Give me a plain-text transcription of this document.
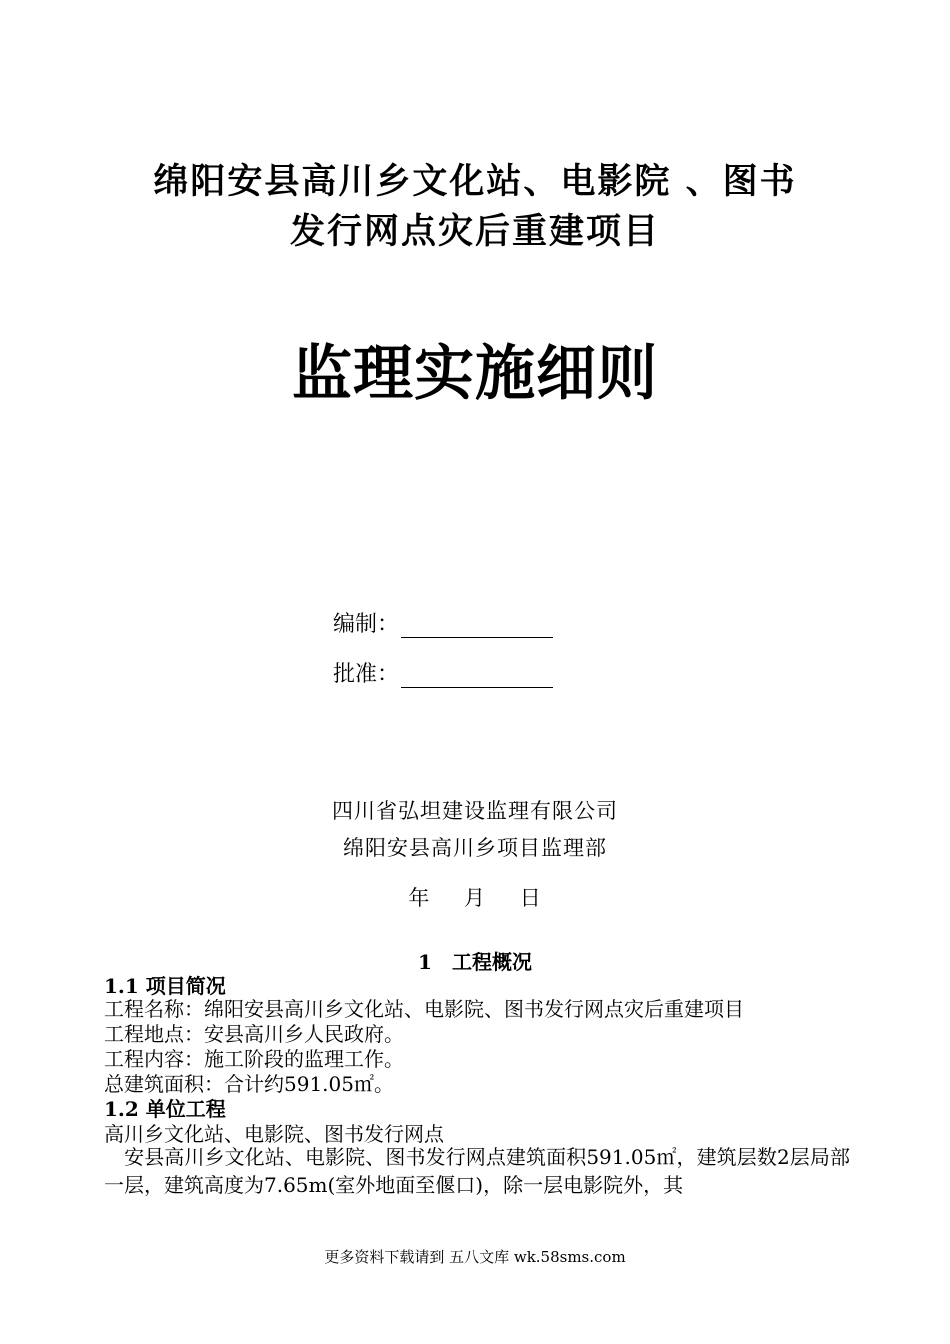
绵阳安县高川乡文化站、电影院 、图书
发行网点灾后重建项目
监理实施细则
编制：
批准：
四川省弘坦建设监理有限公司
绵阳安县高川乡项目监理部
年 月 日
1　工程概况
1.1 项目简况
工程名称：绵阳安县高川乡文化站、电影院、图书发行网点灾后重建项目
工程地点：安县高川乡人民政府。
工程内容：施工阶段的监理工作。
总建筑面积：合计约591.05㎡。
1.2 单位工程
高川乡文化站、电影院、图书发行网点
　安县高川乡文化站、电影院、图书发行网点建筑面积591.05㎡，建筑层数2层局部一层，建筑高度为7.65m(室外地面至偃口)，除一层电影院外，其
更多资料下载请到 五八文库 wk.58sms.com
